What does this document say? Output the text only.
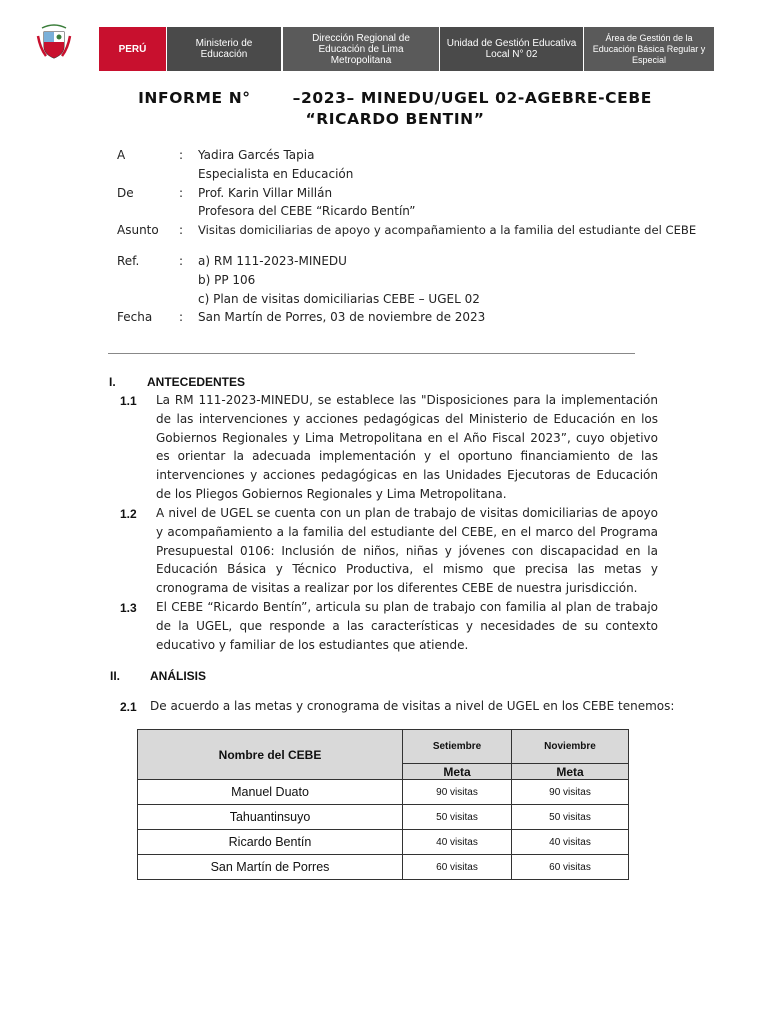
PERÚ	Ministerio de Educación
Dirección Regional de Educación de Lima Metropolitana
Unidad de Gestión Educativa Local N° 02
Área de Gestión de la Educación Básica Regular y Especial
INFORME N°       –2023– MINEDU/UGEL 02-AGEBRE-CEBE
“RICARDO BENTIN”
A	: Yadira Garcés Tapia
Especialista en Educación
De	: Prof. Karin Villar Millán
Profesora del CEBE “Ricardo Bentín”
Asunto : Visitas domiciliarias de apoyo y acompañamiento a la familia del estudiante del CEBE
Ref.	: a) RM 111-2023-MINEDU
b) PP 106
c) Plan de visitas domiciliarias CEBE – UGEL 02
Fecha : San Martín de Porres, 03 de noviembre de 2023
I.	ANTECEDENTES
1.1 La RM 111-2023-MINEDU, se establece las "Disposiciones para la implementación de las intervenciones y acciones pedagógicas del Ministerio de Educación en los Gobiernos Regionales y Lima Metropolitana en el Año Fiscal 2023”, cuyo objetivo es orientar la adecuada implementación y el oportuno financiamiento de las intervenciones y acciones pedagógicas en las Unidades Ejecutoras de Educación de los Pliegos Gobiernos Regionales y Lima Metropolitana.
1.2 A nivel de UGEL se cuenta con un plan de trabajo de visitas domiciliarias de apoyo y acompañamiento a la familia del estudiante del CEBE, en el marco del Programa Presupuestal 0106: Inclusión de niños, niñas y jóvenes con discapacidad en la Educación Básica y Técnico Productiva, el mismo que precisa las metas y cronograma de visitas a realizar por los diferentes CEBE de nuestra jurisdicción.
1.3 El CEBE “Ricardo Bentín”, articula su plan de trabajo con familia al plan de trabajo de la UGEL, que responde a las características y necesidades de su contexto educativo y familiar de los estudiantes que atiende.
II. ANÁLISIS
2.1 De acuerdo a las metas y cronograma de visitas a nivel de UGEL en los CEBE tenemos:
Nombre del CEBE	Setiembre	Noviembre
	Meta	Meta
Manuel Duato	90 visitas	90 visitas
Tahuantinsuyo	50 visitas	50 visitas
Ricardo Bentín	40 visitas	40 visitas
San Martín de Porres	60 visitas	60 visitas
